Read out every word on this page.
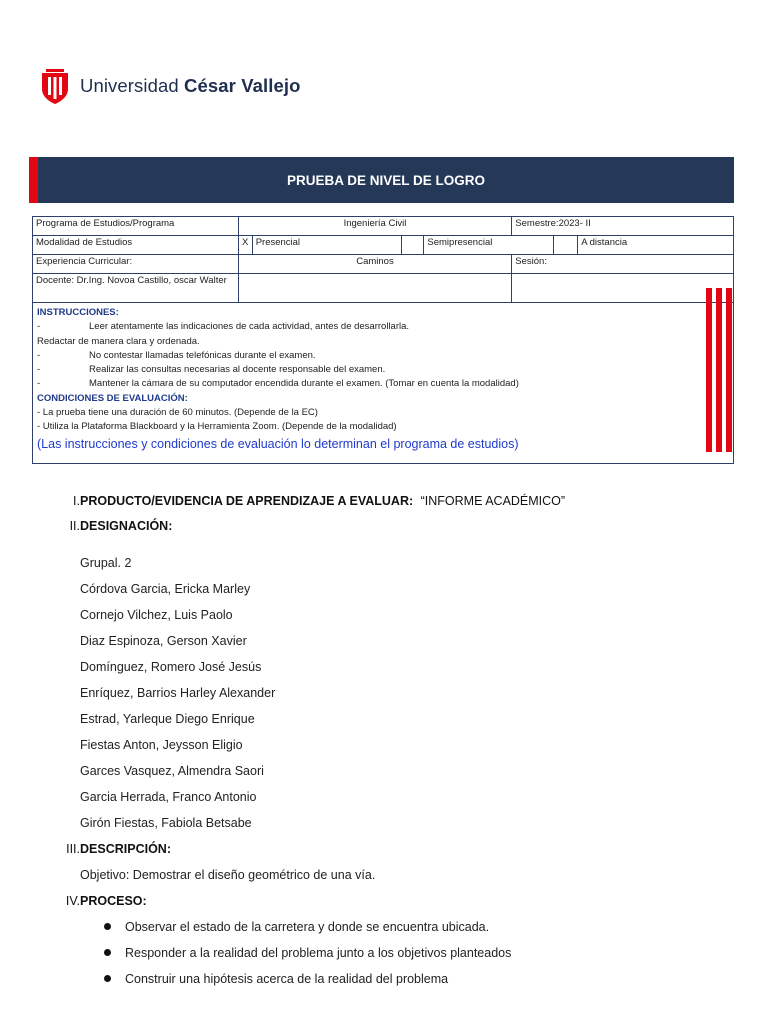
Universidad César Vallejo
PRUEBA DE NIVEL DE LOGRO
Programa de Estudios/Programa	Ingeniería Civil				Semestre:2023- II		
Modalidad de Estudios	X	Presencial		Semipresencial			A distancia
Experiencia Curricular:	Caminos				Sesión:		
Docente: Dr.Ing. Novoa Castillo, oscar Walter							
INSTRUCCIONES:
- Leer atentamente las indicaciones de cada actividad, antes de desarrollarla.
Redactar de manera clara y ordenada.
- No contestar llamadas telefónicas durante el examen.
- Realizar las consultas necesarias al docente responsable del examen.
- Mantener la cámara de su computador encendida durante el examen. (Tomar en cuenta la modalidad)
CONDICIONES DE EVALUACIÓN:
- La prueba tiene una duración de 60 minutos. (Depende de la EC)
- Utiliza la Plataforma Blackboard y la Herramienta Zoom. (Depende de la modalidad)
(Las instrucciones y condiciones de evaluación lo determinan el programa de estudios)
I.PRODUCTO/EVIDENCIA DE APRENDIZAJE A EVALUAR: “INFORME ACADÉMICO”
II.DESIGNACIÓN:
Grupal. 2
Córdova Garcia, Ericka Marley
Cornejo Vilchez, Luis Paolo
Diaz Espinoza, Gerson Xavier
Domínguez, Romero José Jesús
Enríquez, Barrios Harley Alexander
Estrad, Yarleque Diego Enrique
Fiestas Anton, Jeysson Eligio
Garces Vasquez, Almendra Saori
Garcia Herrada, Franco Antonio
Girón Fiestas, Fabiola Betsabe
III.DESCRIPCIÓN:
Objetivo: Demostrar el diseño geométrico de una vía.
IV.PROCESO:
Observar el estado de la carretera y donde se encuentra ubicada.
Responder a la realidad del problema junto a los objetivos planteados
Construir una hipótesis acerca de la realidad del problema
